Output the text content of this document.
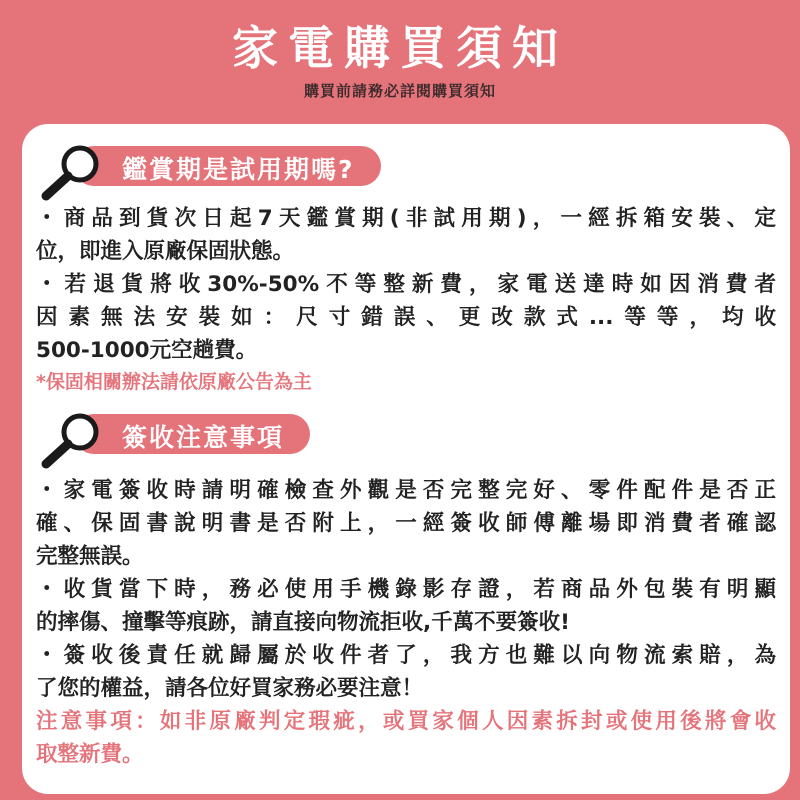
家電購買須知
購買前請務必詳閱購買須知
鑑賞期是試用期嗎?
・商品到貨次日起7天鑑賞期(非試用期)，一經拆箱安裝、定
位，即進入原廠保固狀態。
・若退貨將收30%-50%不等整新費，家電送達時如因消費者
因素無法安裝如：尺寸錯誤、更改款式...等等，均收
500-1000元空趟費。
*保固相關辦法請依原廠公告為主
簽收注意事項
・家電簽收時請明確檢查外觀是否完整完好、零件配件是否正
確、保固書說明書是否附上，一經簽收師傅離場即消費者確認
完整無誤。
・收貨當下時，務必使用手機錄影存證，若商品外包裝有明顯
的摔傷、撞擊等痕跡，請直接向物流拒收,千萬不要簽收!
・簽收後責任就歸屬於收件者了，我方也難以向物流索賠，為
了您的權益，請各位好買家務必要注意！
注意事項：如非原廠判定瑕疵，或買家個人因素拆封或使用後將會收
取整新費。
